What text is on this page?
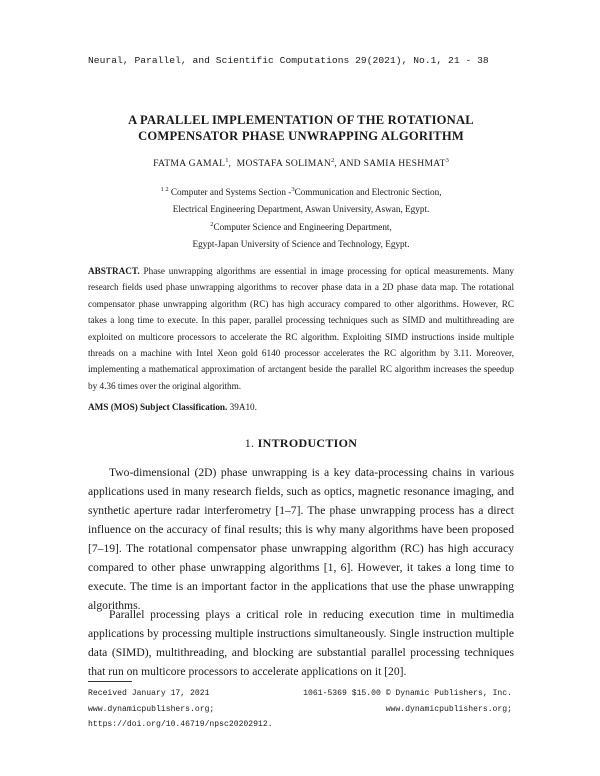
Neural, Parallel, and Scientific Computations 29(2021), No.1, 21 - 38
A PARALLEL IMPLEMENTATION OF THE ROTATIONAL
COMPENSATOR PHASE UNWRAPPING ALGORITHM
FATMA GAMAL$^1$,  MOSTAFA SOLIMAN$^2$, AND SAMIA HESHMAT$^3$
$^{1 2}$ Computer and Systems Section -$^3$Communication and Electronic Section,
Electrical Engineering Department, Aswan University, Aswan, Egypt.
$^2$Computer Science and Engineering Department,
Egypt-Japan University of Science and Technology, Egypt.
ABSTRACT. Phase unwrapping algorithms are essential in image processing for optical measurements. Many research fields used phase unwrapping algorithms to recover phase data in a 2D phase data map. The rotational compensator phase unwrapping algorithm (RC) has high accuracy compared to other algorithms. However, RC takes a long time to execute. In this paper, parallel processing techniques such as SIMD and multithreading are exploited on multicore processors to accelerate the RC algorithm. Exploiting SIMD instructions inside multiple threads on a machine with Intel Xeon gold 6140 processor accelerates the RC algorithm by 3.11. Moreover, implementing a mathematical approximation of arctangent beside the parallel RC algorithm increases the speedup by 4.36 times over the original algorithm.
AMS (MOS) Subject Classification. 39A10.
1. INTRODUCTION

Two-dimensional (2D) phase unwrapping is a key data-processing chains in various applications used in many research fields, such as optics, magnetic resonance imaging, and synthetic aperture radar interferometry [1–7]. The phase unwrapping process has a direct influence on the accuracy of final results; this is why many algorithms have been proposed [7–19]. The rotational compensator phase unwrapping algorithm (RC) has high accuracy compared to other phase unwrapping algorithms [1, 6]. However, it takes a long time to execute. The time is an important factor in the applications that use the phase unwrapping algorithms.

Parallel processing plays a critical role in reducing execution time in multimedia applications by processing multiple instructions simultaneously. Single instruction multiple data (SIMD), multithreading, and blocking are substantial parallel processing techniques that run on multicore processors to accelerate applications on it [20].

Received January 17, 2021
www.dynamicpublishers.org;
https://doi.org/10.46719/npsc20202912.
1061-5369 $15.00 © Dynamic Publishers, Inc.
www.dynamicpublishers.org;
